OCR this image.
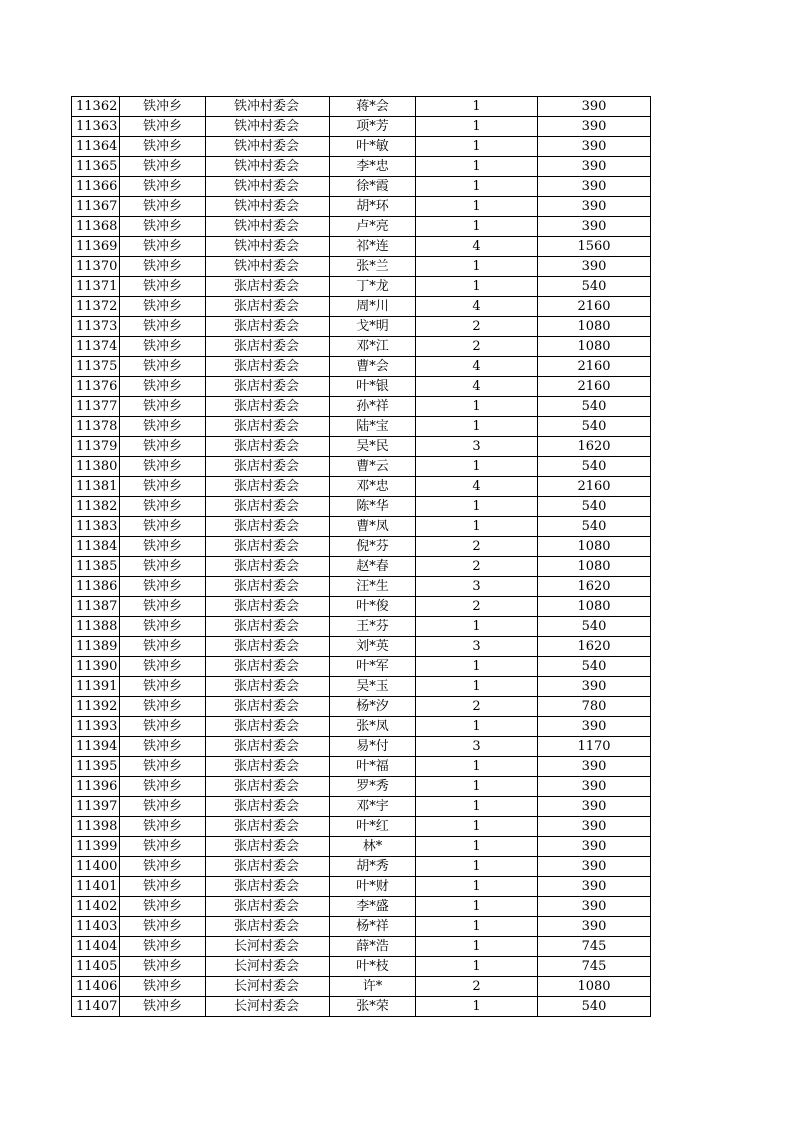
11362	铁冲乡	铁冲村委会	蒋*会	1	390
11363	铁冲乡	铁冲村委会	项*芳	1	390
11364	铁冲乡	铁冲村委会	叶*敏	1	390
11365	铁冲乡	铁冲村委会	李*忠	1	390
11366	铁冲乡	铁冲村委会	徐*霞	1	390
11367	铁冲乡	铁冲村委会	胡*环	1	390
11368	铁冲乡	铁冲村委会	卢*亮	1	390
11369	铁冲乡	铁冲村委会	祁*连	4	1560
11370	铁冲乡	铁冲村委会	张*兰	1	390
11371	铁冲乡	张店村委会	丁*龙	1	540
11372	铁冲乡	张店村委会	周*川	4	2160
11373	铁冲乡	张店村委会	戈*明	2	1080
11374	铁冲乡	张店村委会	邓*江	2	1080
11375	铁冲乡	张店村委会	曹*会	4	2160
11376	铁冲乡	张店村委会	叶*银	4	2160
11377	铁冲乡	张店村委会	孙*祥	1	540
11378	铁冲乡	张店村委会	陆*宝	1	540
11379	铁冲乡	张店村委会	吴*民	3	1620
11380	铁冲乡	张店村委会	曹*云	1	540
11381	铁冲乡	张店村委会	邓*忠	4	2160
11382	铁冲乡	张店村委会	陈*华	1	540
11383	铁冲乡	张店村委会	曹*凤	1	540
11384	铁冲乡	张店村委会	倪*芬	2	1080
11385	铁冲乡	张店村委会	赵*春	2	1080
11386	铁冲乡	张店村委会	汪*生	3	1620
11387	铁冲乡	张店村委会	叶*俊	2	1080
11388	铁冲乡	张店村委会	王*芬	1	540
11389	铁冲乡	张店村委会	刘*英	3	1620
11390	铁冲乡	张店村委会	叶*军	1	540
11391	铁冲乡	张店村委会	吴*玉	1	390
11392	铁冲乡	张店村委会	杨*汐	2	780
11393	铁冲乡	张店村委会	张*凤	1	390
11394	铁冲乡	张店村委会	易*付	3	1170
11395	铁冲乡	张店村委会	叶*福	1	390
11396	铁冲乡	张店村委会	罗*秀	1	390
11397	铁冲乡	张店村委会	邓*宇	1	390
11398	铁冲乡	张店村委会	叶*红	1	390
11399	铁冲乡	张店村委会	林*	1	390
11400	铁冲乡	张店村委会	胡*秀	1	390
11401	铁冲乡	张店村委会	叶*财	1	390
11402	铁冲乡	张店村委会	李*盛	1	390
11403	铁冲乡	张店村委会	杨*祥	1	390
11404	铁冲乡	长河村委会	薛*浩	1	745
11405	铁冲乡	长河村委会	叶*枝	1	745
11406	铁冲乡	长河村委会	许*	2	1080
11407	铁冲乡	长河村委会	张*荣	1	540
